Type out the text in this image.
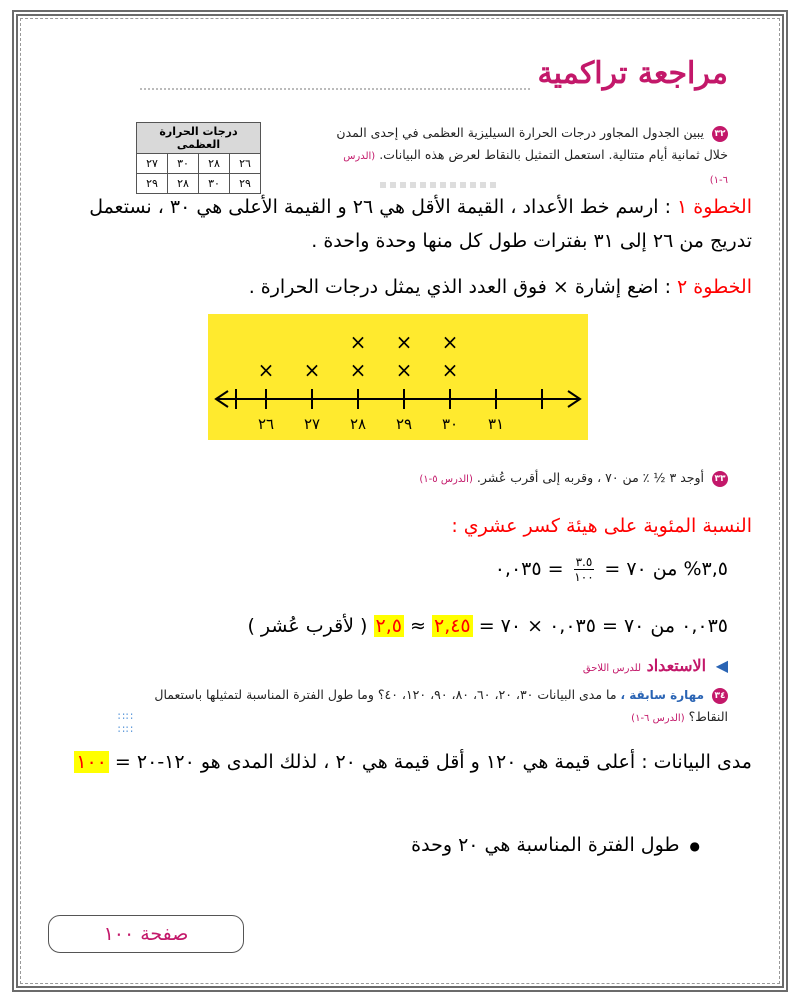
مراجعة تراكمية
٣٢ يبين الجدول المجاور درجات الحرارة السيليزية العظمى في إحدى المدن خلال ثمانية أيام متتالية. استعمل التمثيل بالنقاط لعرض هذه البيانات. (الدرس ٦-١)
درجات الحرارة العظمى			
٢٦	٢٨	٣٠	٢٧
٢٩	٣٠	٢٨	٢٩
الخطوة ١ : ارسم خط الأعداد ، القيمة الأقل هي ٢٦ و القيمة الأعلى هي ٣٠ ، نستعمل تدريج من ٢٦ إلى ٣١ بفترات طول كل منها وحدة واحدة .
الخطوة ٢ : اضع إشارة × فوق العدد الذي يمثل درجات الحرارة .
٢٦
×
٢٧
×
٢٨
×
×
٢٩
×
×
٣٠
×
×
٣١
٣٣ أوجد ٣ ½ ٪ من ٧٠ ، وقربه إلى أقرب عُشر. (الدرس ٥-١)
النسبة المئوية على هيئة كسر عشري :
٣,٥% من ٧٠ =
$\frac{٣.٥}{١٠٠}$
= ٠,٠٣٥
٠,٠٣٥ من ٧٠ = ٠,٠٣٥ × ٧٠ = ٢,٤٥ ≈ ٢,٥ ( لأقرب عُشر )
◀ الاستعداد للدرس اللاحق
٣٤ مهارة سابقة ، ما مدى البيانات ٣٠، ٢٠، ٦٠، ٨٠، ٩٠، ١٢٠، ٤٠؟ وما طول الفترة المناسبة لتمثيلها باستعمال النقاط؟ (الدرس ٦-١)
∷∷
∷∷
مدى البيانات : أعلى قيمة هي ١٢٠ و أقل قيمة هي ٢٠ ، لذلك المدى هو ١٢٠-٢٠ = ١٠٠
● طول الفترة المناسبة هي ٢٠ وحدة
صفحة ١٠٠
